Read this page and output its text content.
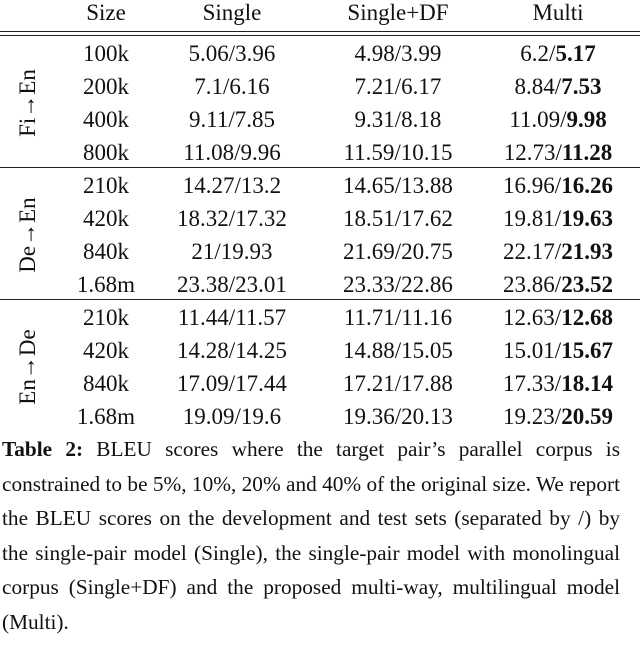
Size	Single	Single+DF	Multi
Fi→En
100k	5.06/3.96	4.98/3.99	6.2/5.17
200k	7.1/6.16	7.21/6.17	8.84/7.53
400k	9.11/7.85	9.31/8.18	11.09/9.98
800k	11.08/9.96	11.59/10.15	12.73/11.28
De→En
210k	14.27/13.2	14.65/13.88	16.96/16.26
420k	18.32/17.32	18.51/17.62	19.81/19.63
840k	21/19.93	21.69/20.75	22.17/21.93
1.68m	23.38/23.01	23.33/22.86	23.86/23.52
En→De
210k	11.44/11.57	11.71/11.16	12.63/12.68
420k	14.28/14.25	14.88/15.05	15.01/15.67
840k	17.09/17.44	17.21/17.88	17.33/18.14
1.68m	19.09/19.6	19.36/20.13	19.23/20.59
Table 2: BLEU scores where the target pair’s parallel corpus is constrained to be 5%, 10%, 20% and 40% of the original size. We report the BLEU scores on the development and test sets (separated by /) by the single-pair model (Single), the single-pair model with monolingual corpus (Single+DF) and the proposed multi-way, multilingual model (Multi).
